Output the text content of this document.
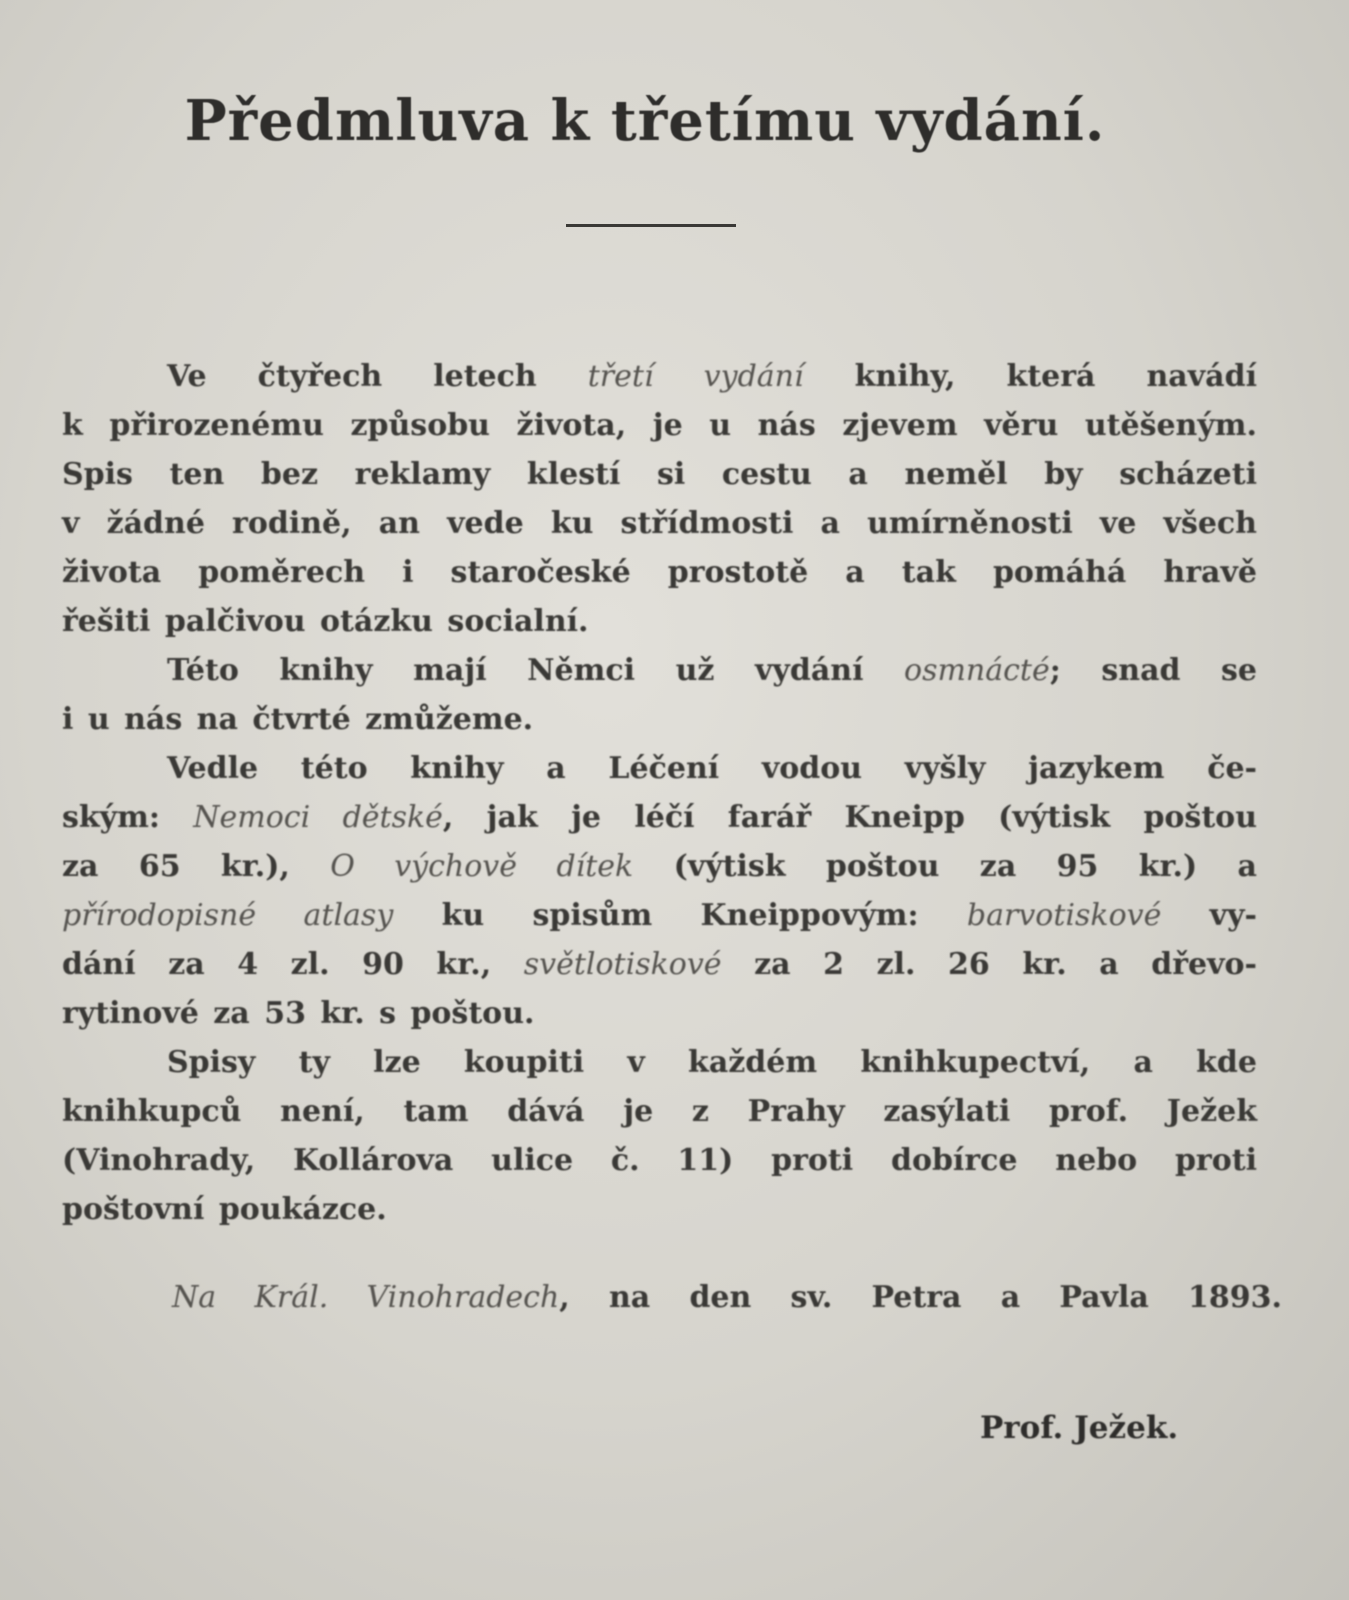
Předmluva k třetímu vydání.
Ve čtyřech letech třetí vydání knihy, která navádí
k přirozenému způsobu života, je u nás zjevem věru utěšeným.
Spis ten bez reklamy klestí si cestu a neměl by scházeti
v žádné rodině, an vede ku střídmosti a umírněnosti ve všech
života poměrech i staročeské prostotě a tak pomáhá hravě
řešiti palčivou otázku socialní.
Této knihy mají Němci už vydání osmnácté; snad se
i u nás na čtvrté zmůžeme.
Vedle této knihy a Léčení vodou vyšly jazykem če-
ským: Nemoci dětské, jak je léčí farář Kneipp (výtisk poštou
za 65 kr.), O výchově dítek (výtisk poštou za 95 kr.) a
přírodopisné atlasy ku spisům Kneippovým: barvotiskové vy-
dání za 4 zl. 90 kr., světlotiskové za 2 zl. 26 kr. a dřevo-
rytinové za 53 kr. s poštou.
Spisy ty lze koupiti v každém knihkupectví, a kde
knihkupců není, tam dává je z Prahy zasýlati prof. Ježek
(Vinohrady, Kollárova ulice č. 11) proti dobírce nebo proti
poštovní poukázce.
Na Král. Vinohradech, na den sv. Petra a Pavla 1893.
Prof. Ježek.
